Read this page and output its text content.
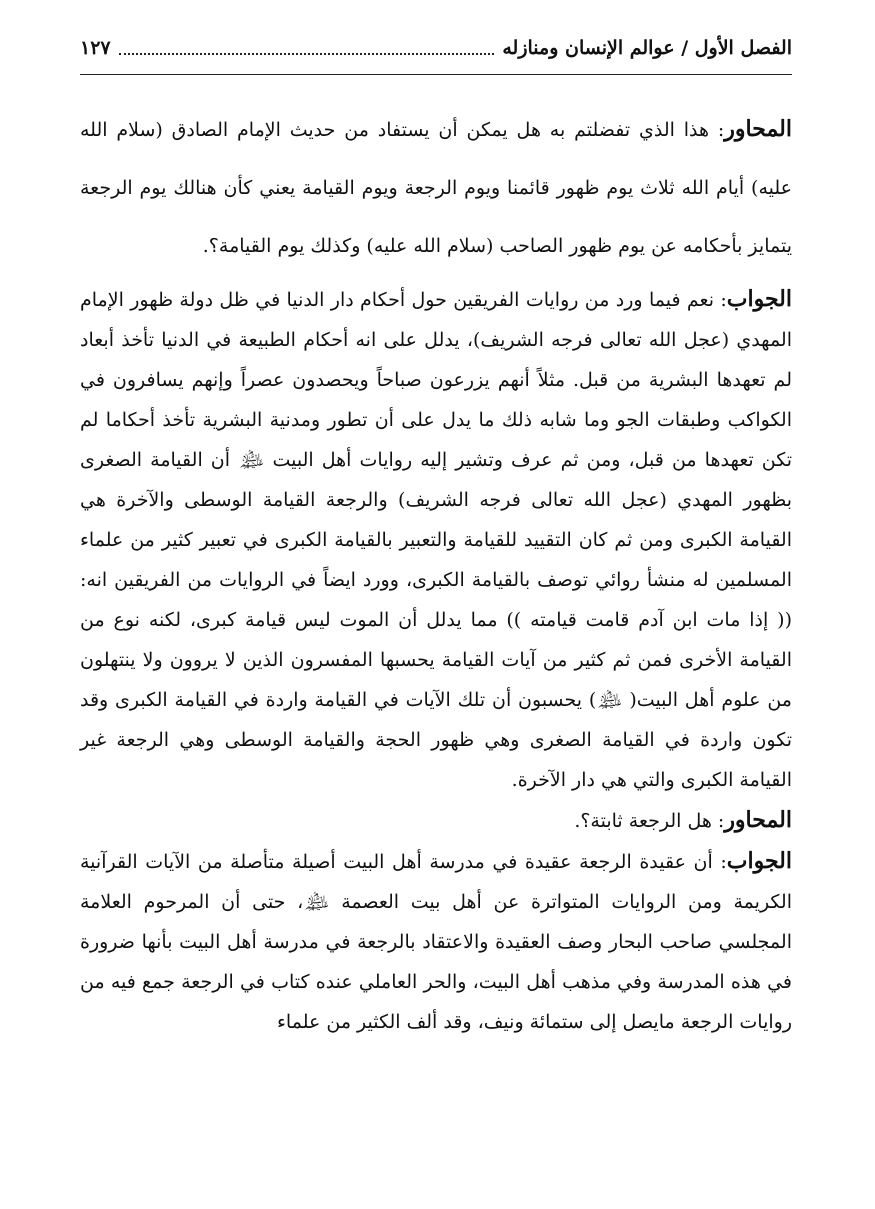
الفصل الأول / عوالم الإنسان ومنازله
١٢٧

المحاور: هذا الذي تفضلتم به هل يمكن أن يستفاد من حديث الإمام الصادق (سلام الله عليه) أيام الله ثلاث يوم ظهور قائمنا ويوم الرجعة ويوم القيامة يعني كأن هنالك يوم الرجعة يتمايز بأحكامه عن يوم ظهور الصاحب (سلام الله عليه) وكذلك يوم القيامة؟.

الجواب: نعم فيما ورد من روايات الفريقين حول أحكام دار الدنيا في ظل دولة ظهور الإمام المهدي (عجل الله تعالى فرجه الشريف)، يدلل على انه أحكام الطبيعة في الدنيا تأخذ أبعاد لم تعهدها البشرية من قبل. مثلاً أنهم يزرعون صباحاً ويحصدون عصراً وإنهم يسافرون في الكواكب وطبقات الجو وما شابه ذلك ما يدل على أن تطور ومدنية البشرية تأخذ أحكاما لم تكن تعهدها من قبل، ومن ثم عرف وتشير إليه روايات أهل البيت ﵈ أن القيامة الصغرى بظهور المهدي (عجل الله تعالى فرجه الشريف) والرجعة القيامة الوسطى والآخرة هي القيامة الكبرى ومن ثم كان التقييد للقيامة والتعبير بالقيامة الكبرى في تعبير كثير من علماء المسلمين له منشأ روائي توصف بالقيامة الكبرى، وورد ايضاً في الروايات من الفريقين انه: (( إذا مات ابن آدم قامت قيامته )) مما يدلل أن الموت ليس قيامة كبرى، لكنه نوع من القيامة الأخرى فمن ثم كثير من آيات القيامة يحسبها المفسرون الذين لا يروون ولا ينتهلون من علوم أهل البيت( ﵈) يحسبون أن تلك الآيات في القيامة واردة في القيامة الكبرى وقد تكون واردة في القيامة الصغرى وهي ظهور الحجة والقيامة الوسطى وهي الرجعة غير القيامة الكبرى والتي هي دار الآخرة.

المحاور: هل الرجعة ثابتة؟.

الجواب: أن عقيدة الرجعة عقيدة في مدرسة أهل البيت أصيلة متأصلة من الآيات القرآنية الكريمة ومن الروايات المتواترة عن أهل بيت العصمة ﵈، حتى أن المرحوم العلامة المجلسي صاحب البحار وصف العقيدة والاعتقاد بالرجعة في مدرسة أهل البيت بأنها ضرورة في هذه المدرسة وفي مذهب أهل البيت، والحر العاملي عنده كتاب في الرجعة جمع فيه من روايات الرجعة مايصل إلى ستمائة ونيف، وقد ألف الكثير من علماء
